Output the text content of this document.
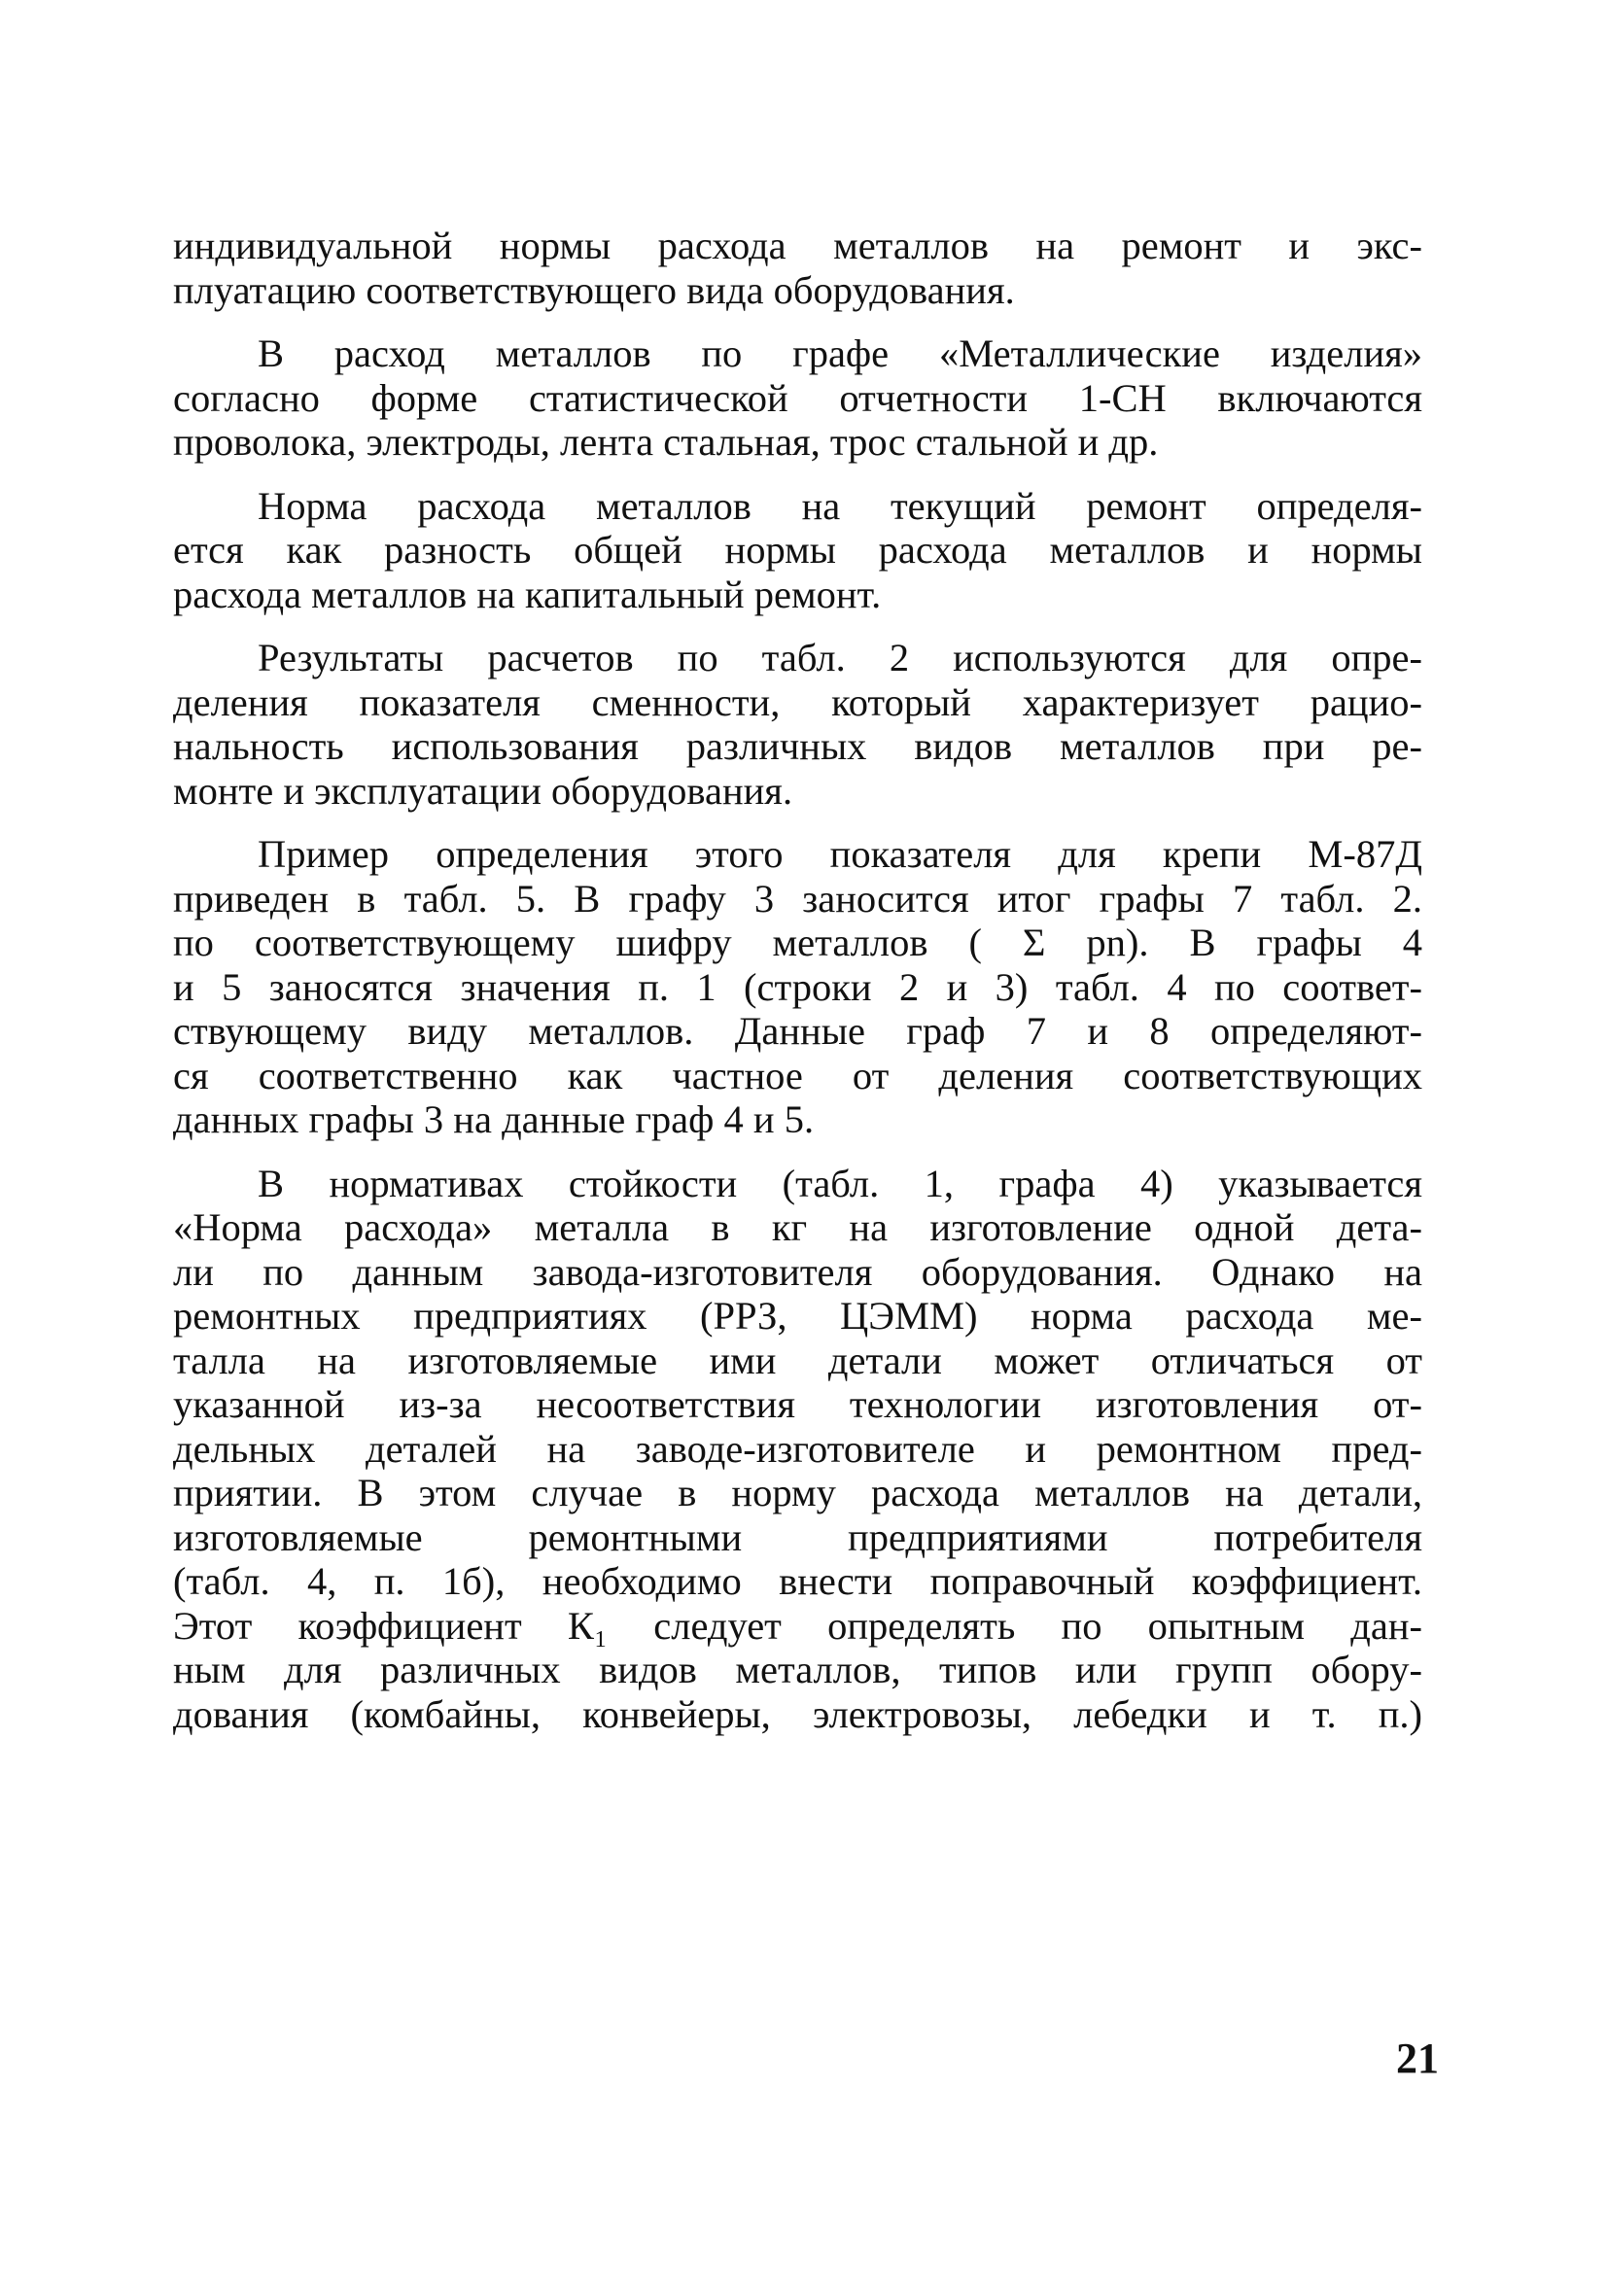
индивидуальной нормы расхода металлов на ремонт и экс-
плуатацию соответствующего вида оборудования.
В расход металлов по графе «Металлические изделия»
согласно форме статистической отчетности 1-СН включаются
проволока, электроды, лента стальная, трос стальной и др.
Норма расхода металлов на текущий ремонт определя-
ется как разность общей нормы расхода металлов и нормы
расхода металлов на капитальный ремонт.
Результаты расчетов по табл. 2 используются для опре-
деления показателя сменности, который характеризует рацио-
нальность использования различных видов металлов при ре-
монте и эксплуатации оборудования.
Пример определения этого показателя для крепи М-87Д
приведен в табл. 5. В графу 3 заносится итог графы 7 табл. 2.
по соответствующему шифру металлов ( Σ pn). В графы 4
и 5 заносятся значения п. 1 (строки 2 и 3) табл. 4 по соответ-
ствующему виду металлов. Данные граф 7 и 8 определяют-
ся соответственно как частное от деления соответствующих
данных графы 3 на данные граф 4 и 5.
В нормативах стойкости (табл. 1, графа 4) указывается
«Норма расхода» металла в кг на изготовление одной дета-
ли по данным завода-изготовителя оборудования. Однако на
ремонтных предприятиях (РРЗ, ЦЭММ) норма расхода ме-
талла на изготовляемые ими детали может отличаться от
указанной из-за несоответствия технологии изготовления от-
дельных деталей на заводе-изготовителе и ремонтном пред-
приятии. В этом случае в норму расхода металлов на детали,
изготовляемые ремонтными предприятиями потребителя
(табл. 4, п. 1б), необходимо внести поправочный коэффициент.
Этот коэффициент К₁ следует определять по опытным дан-
ным для различных видов металлов, типов или групп обору-
дования (комбайны, конвейеры, электровозы, лебедки и т. п.)
21
